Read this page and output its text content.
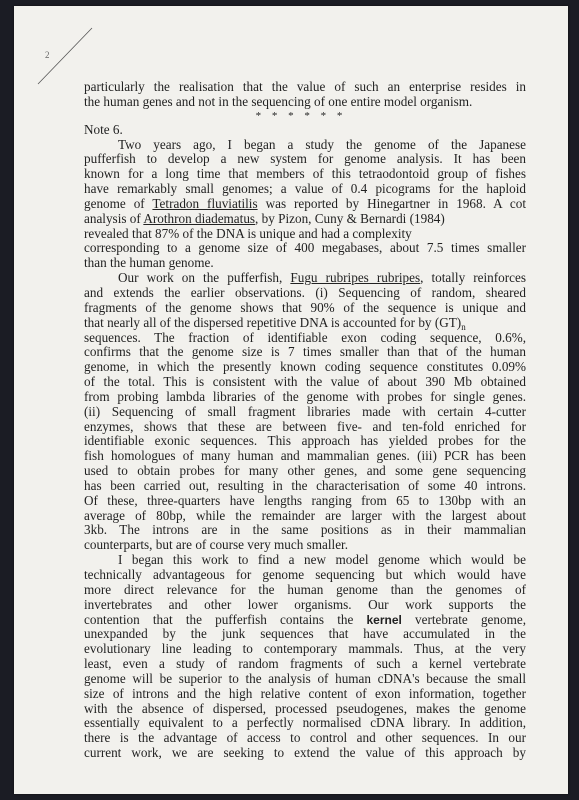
2
particularly the realisation that the value of such an enterprise resides in
the human genes and not in the sequencing of one entire model organism.
* * * * * *
Note 6.
Two years ago, I began a study the genome of the Japanese
pufferfish to develop a new system for genome analysis. It has been
known for a long time that members of this tetraodontoid group of fishes
have remarkably small genomes; a value of 0.4 picograms for the haploid
genome of Tetradon fluviatilis was reported by Hinegartner in 1968. A cot
analysis of Arothron diadematus, by Pizon, Cuny & Bernardi (1984)
revealed that 87% of the DNA is unique and had a complexity
corresponding to a genome size of 400 megabases, about 7.5 times smaller
than the human genome.
Our work on the pufferfish, Fugu rubripes rubripes, totally reinforces
and extends the earlier observations. (i) Sequencing of random, sheared
fragments of the genome shows that 90% of the sequence is unique and
that nearly all of the dispersed repetitive DNA is accounted for by $(GT)_n$
sequences. The fraction of identifiable exon coding sequence, 0.6%,
confirms that the genome size is 7 times smaller than that of the human
genome, in which the presently known coding sequence constitutes 0.09%
of the total. This is consistent with the value of about 390 Mb obtained
from probing lambda libraries of the genome with probes for single genes.
(ii) Sequencing of small fragment libraries made with certain 4-cutter
enzymes, shows that these are between five- and ten-fold enriched for
identifiable exonic sequences. This approach has yielded probes for the
fish homologues of many human and mammalian genes. (iii) PCR has been
used to obtain probes for many other genes, and some gene sequencing
has been carried out, resulting in the characterisation of some 40 introns.
Of these, three-quarters have lengths ranging from 65 to 130bp with an
average of 80bp, while the remainder are larger with the largest about
3kb. The introns are in the same positions as in their mammalian
counterparts, but are of course very much smaller.
I began this work to find a new model genome which would be
technically advantageous for genome sequencing but which would have
more direct relevance for the human genome than the genomes of
invertebrates and other lower organisms. Our work supports the
contention that the pufferfish contains the kernel vertebrate genome,
unexpanded by the junk sequences that have accumulated in the
evolutionary line leading to contemporary mammals. Thus, at the very
least, even a study of random fragments of such a kernel vertebrate
genome will be superior to the analysis of human cDNA's because the small
size of introns and the high relative content of exon information, together
with the absence of dispersed, processed pseudogenes, makes the genome
essentially equivalent to a perfectly normalised cDNA library. In addition,
there is the advantage of access to control and other sequences. In our
current work, we are seeking to extend the value of this approach by
